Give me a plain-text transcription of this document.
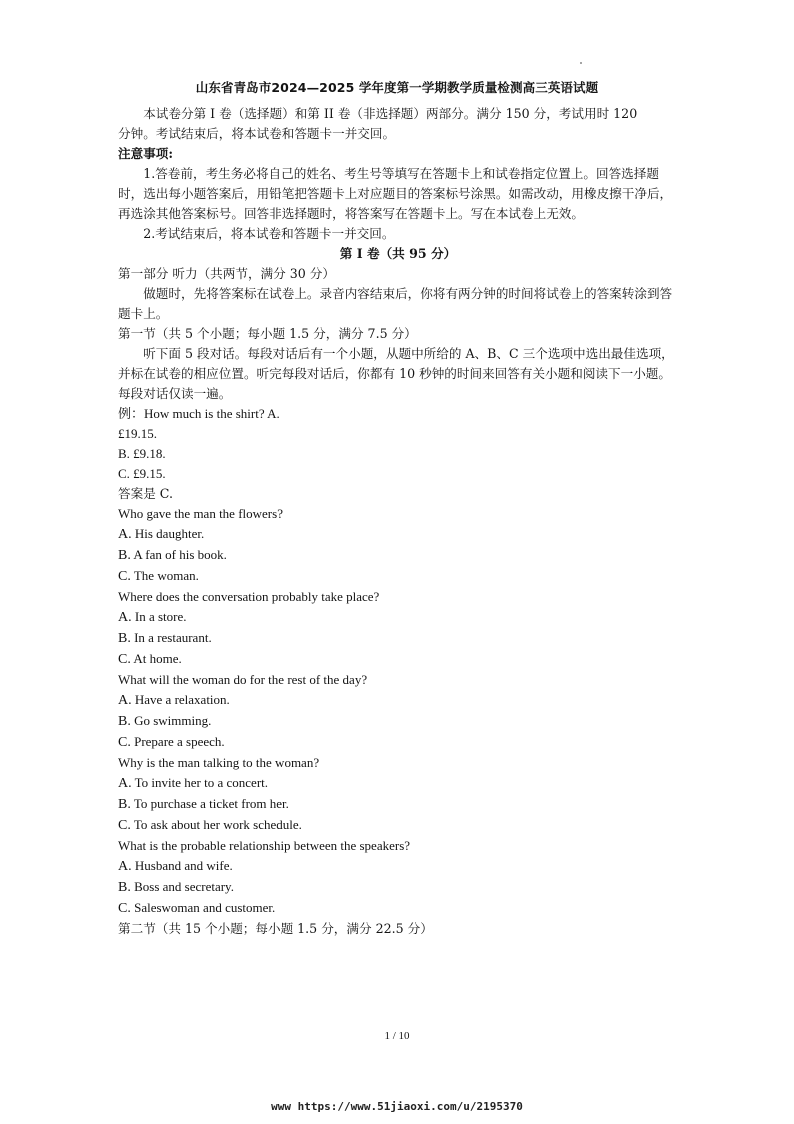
山东省青岛市2024—2025 学年度第一学期教学质量检测高三英语试题

本试卷分第 I 卷（选择题）和第 II 卷（非选择题）两部分。满分 150 分，考试用时 120

分钟。考试结束后，将本试卷和答题卡一并交回。

注意事项:

1.答卷前，考生务必将自己的姓名、考生号等填写在答题卡上和试卷指定位置上。回答选择题时，选出每小题答案后，用铅笔把答题卡上对应题目的答案标号涂黑。如需改动，用橡皮擦干净后，再选涂其他答案标号。回答非选择题时，将答案写在答题卡上。写在本试卷上无效。

2.考试结束后，将本试卷和答题卡一并交回。

第 I 卷（共 95 分）

第一部分 听力（共两节，满分 30 分）

做题时，先将答案标在试卷上。录音内容结束后，你将有两分钟的时间将试卷上的答案转涂到答题卡上。

第一节（共 5 个小题；每小题 1.5 分，满分 7.5 分）

听下面 5 段对话。每段对话后有一个小题，从题中所给的 A、B、C 三个选项中选出最佳选项，并标在试卷的相应位置。听完每段对话后，你都有 10 秒钟的时间来回答有关小题和阅读下一小题。每段对话仅读一遍。

例：How much is the shirt? A.

£19.15.

B. £9.18.

C. £9.15.

答案是 C.

Who gave the man the flowers?

A. His daughter.

B. A fan of his book.

C. The woman.

Where does the conversation probably take place?

A. In a store.

B. In a restaurant.

C. At home.

What will the woman do for the rest of the day?

A. Have a relaxation.

B. Go swimming.

C. Prepare a speech.

Why is the man talking to the woman?

A. To invite her to a concert.

B. To purchase a ticket from her.

C. To ask about her work schedule.

What is the probable relationship between the speakers?

A. Husband and wife.

B. Boss and secretary.

C. Saleswoman and customer.

第二节（共 15 个小题；每小题 1.5 分，满分 22.5 分）

1 / 10
www https://www.51jiaoxi.com/u/2195370
